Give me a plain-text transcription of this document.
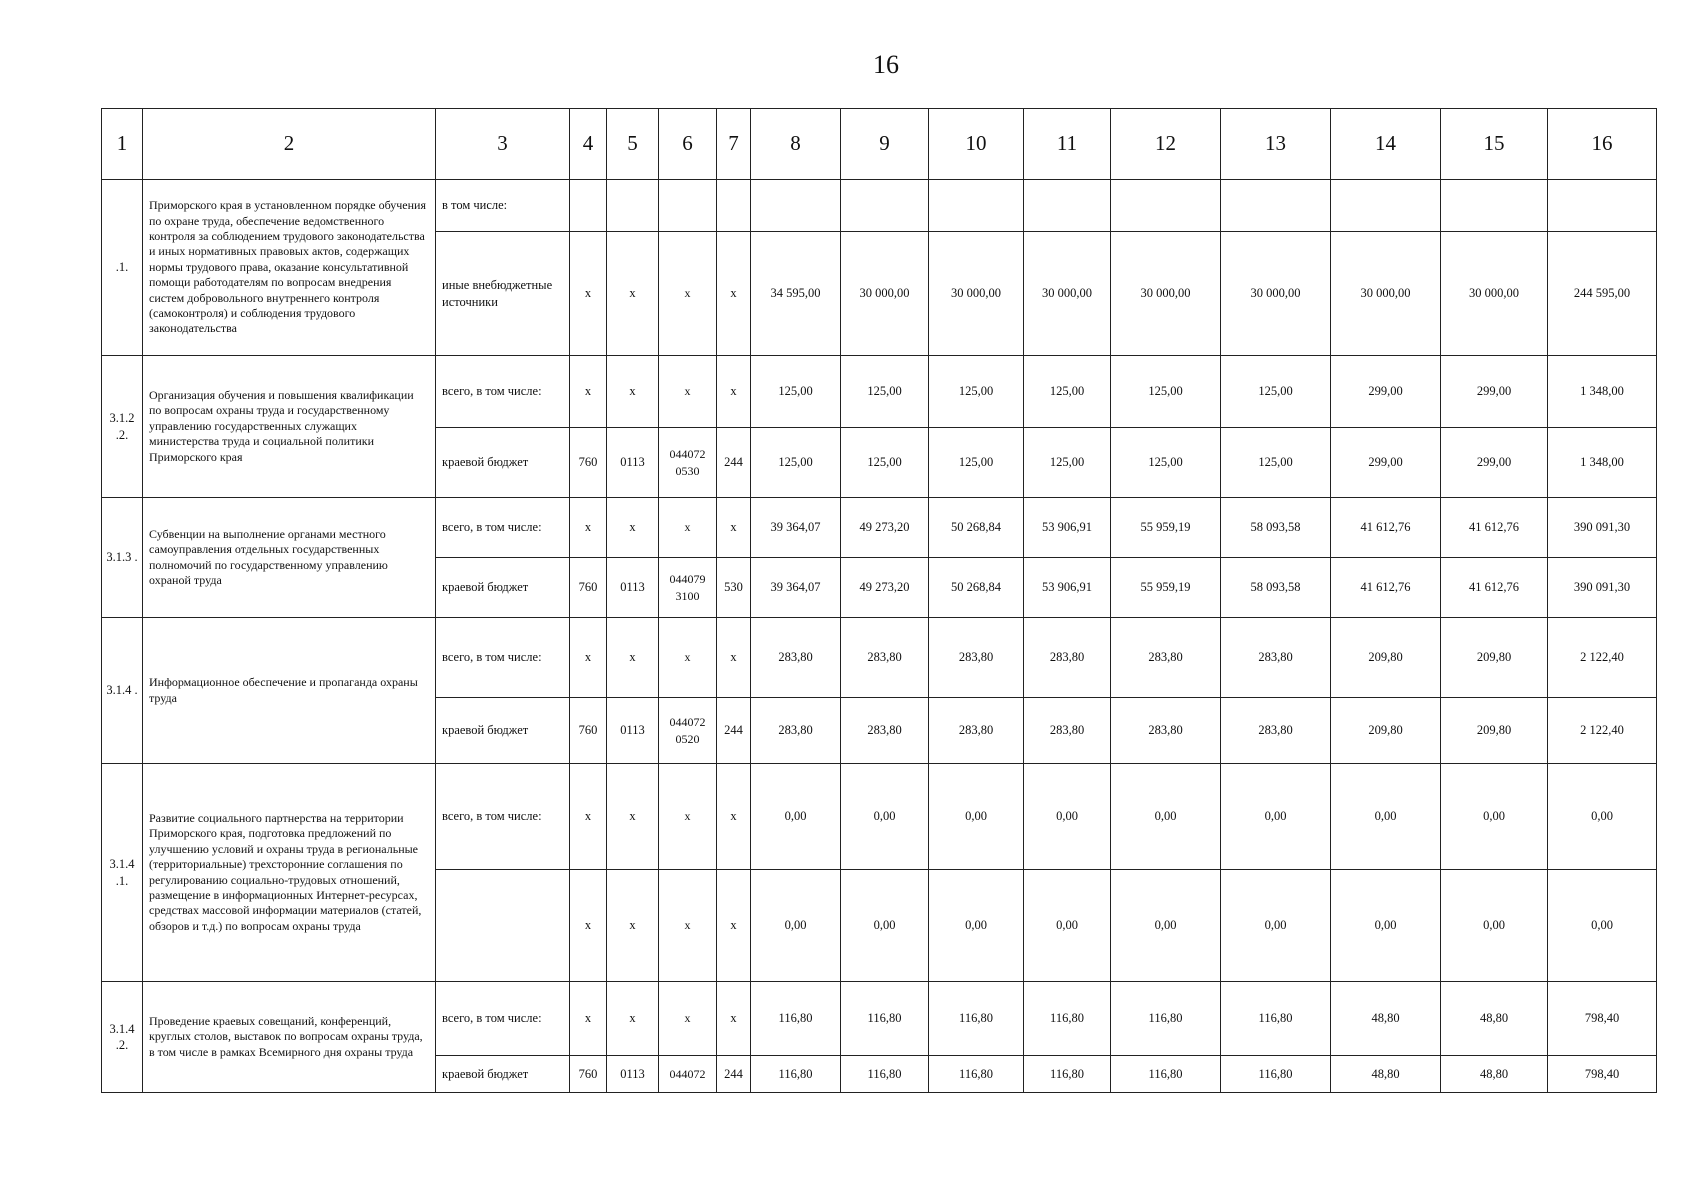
16
1	2	3	4	5	6	7	8	9	10	11	12	13	14	15	16
.1.	Приморского края в установленном порядке обучения по охране труда, обеспечение ведомственного контроля за соблюдением трудового законодательства и иных нормативных правовых актов, содержащих нормы трудового права, оказание консультативной помощи работодателям по вопросам внедрения систем добровольного внутреннего контроля (самоконтроля) и соблюдения трудового законодательства	в том числе:													
		иные внебюджетные источники	х	х	х	х	34 595,00	30 000,00	30 000,00	30 000,00	30 000,00	30 000,00	30 000,00	30 000,00	244 595,00
3.1.2 .2.	Организация обучения и повышения квалификации по вопросам охраны труда и государственному управлению государственных служащих министерства труда и социальной политики Приморского края	всего, в том числе:	х	х	х	х	125,00	125,00	125,00	125,00	125,00	125,00	299,00	299,00	1 348,00
		краевой бюджет	760	0113	044072 0530	244	125,00	125,00	125,00	125,00	125,00	125,00	299,00	299,00	1 348,00
3.1.3 .	Субвенции на выполнение органами местного самоуправления отдельных государственных полномочий по государственному управлению охраной труда	всего, в том числе:	х	х	х	х	39 364,07	49 273,20	50 268,84	53 906,91	55 959,19	58 093,58	41 612,76	41 612,76	390 091,30
		краевой бюджет	760	0113	044079 3100	530	39 364,07	49 273,20	50 268,84	53 906,91	55 959,19	58 093,58	41 612,76	41 612,76	390 091,30
3.1.4 .	Информационное обеспечение и пропаганда охраны труда	всего, в том числе:	х	х	х	х	283,80	283,80	283,80	283,80	283,80	283,80	209,80	209,80	2 122,40
		краевой бюджет	760	0113	044072 0520	244	283,80	283,80	283,80	283,80	283,80	283,80	209,80	209,80	2 122,40
3.1.4 .1.	Развитие социального партнерства на территории Приморского края, подготовка предложений по улучшению условий и охраны труда в региональные (территориальные) трехсторонние соглашения по регулированию социально-трудовых отношений, размещение в информационных Интернет-ресурсах, средствах массовой информации материалов (статей, обзоров и т.д.) по вопросам охраны труда	всего, в том числе:	х	х	х	х	0,00	0,00	0,00	0,00	0,00	0,00	0,00	0,00	0,00
			х	х	х	х	0,00	0,00	0,00	0,00	0,00	0,00	0,00	0,00	0,00
3.1.4 .2.	Проведение краевых совещаний, конференций, круглых столов, выставок по вопросам охраны труда, в том числе в рамках Всемирного дня охраны труда	всего, в том числе:	х	х	х	х	116,80	116,80	116,80	116,80	116,80	116,80	48,80	48,80	798,40
		краевой бюджет	760	0113	044072	244	116,80	116,80	116,80	116,80	116,80	116,80	48,80	48,80	798,40
